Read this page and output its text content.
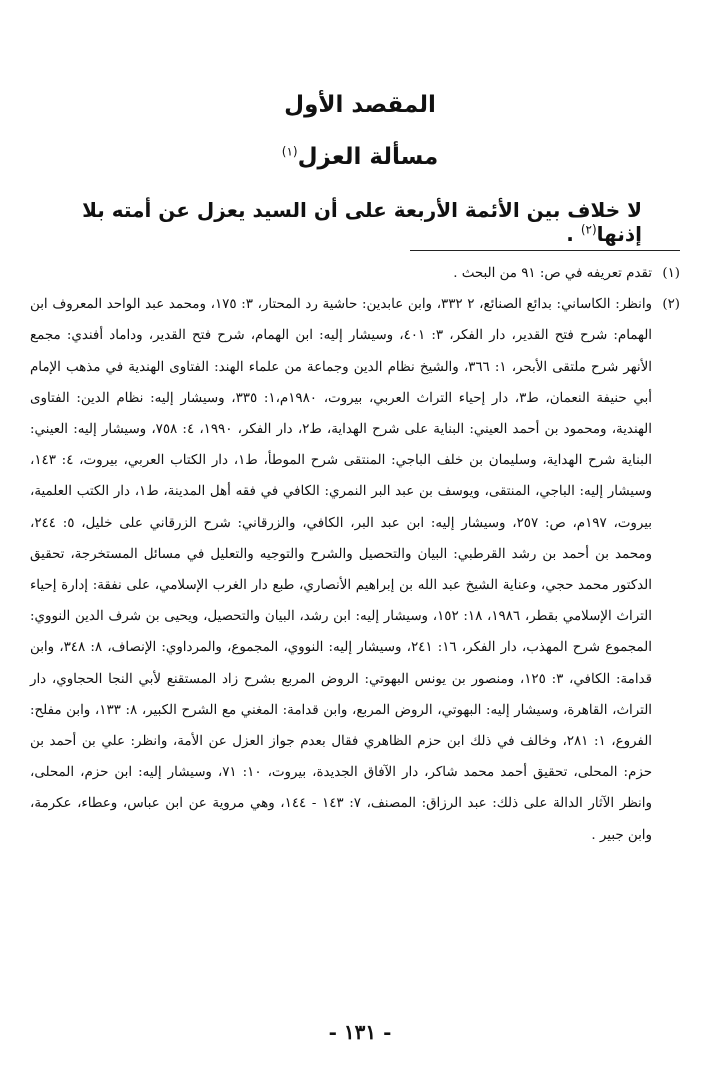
المقصد الأول
مسألة العزل$^{(١)}$
لا خلاف بين الأئمة الأربعة على أن السيد يعزل عن أمته بلا إذنها$^{(٢)}$ .
(١)

تقدم تعريفه في ص: ٩١ من البحث .

(٢)

وانظر: الكاساني: بدائع الصنائع، ٢ ٣٣٢، وابن عابدين: حاشية رد المحتار، ٣: ١٧٥، ومحمد عبد الواحد المعروف ابن الهمام: شرح فتح القدير، دار الفكر، ٣: ٤٠١، وسيشار إليه: ابن الهمام، شرح فتح القدير، وداماد أفندي: مجمع الأنهر شرح ملتقى الأبحر، ١: ٣٦٦، والشيخ نظام الدين وجماعة من علماء الهند: الفتاوى الهندية في مذهب الإمام أبي حنيفة النعمان، ط٣، دار إحياء التراث العربي، بيروت، ١٩٨٠م،١: ٣٣٥، وسيشار إليه: نظام الدين: الفتاوى الهندية، ومحمود بن أحمد العيني: البناية على شرح الهداية، ط٢، دار الفكر، ١٩٩٠، ٤: ٧٥٨، وسيشار إليه: العيني: البناية شرح الهداية، وسليمان بن خلف الباجي: المنتقى شرح الموطأ، ط١، دار الكتاب العربي، بيروت، ٤: ١٤٣، وسيشار إليه: الباجي، المنتقى، ويوسف بن عبد البر النمري: الكافي في فقه أهل المدينة، ط١، دار الكتب العلمية، بيروت، ١٩٧م، ص: ٢٥٧، وسيشار إليه: ابن عبد البر، الكافي، والزرقاني: شرح الزرقاني على خليل، ٥: ٢٤٤، ومحمد بن أحمد بن رشد القرطبي: البيان والتحصيل والشرح والتوجيه والتعليل في مسائل المستخرجة، تحقيق الدكتور محمد حجي، وعناية الشيخ عبد الله بن إبراهيم الأنصاري، طبع دار الغرب الإسلامي، على نفقة: إدارة إحياء التراث الإسلامي بقطر، ١٩٨٦، ١٨: ١٥٢، وسيشار إليه: ابن رشد، البيان والتحصيل، ويحيى بن شرف الدين النووي: المجموع شرح المهذب، دار الفكر، ١٦: ٢٤١، وسيشار إليه: النووي، المجموع، والمرداوي: الإنصاف، ٨: ٣٤٨، وابن قدامة: الكافي، ٣: ١٢٥، ومنصور بن يونس البهوتي: الروض المربع بشرح زاد المستقنع لأبي النجا الحجاوي، دار التراث، القاهرة، وسيشار إليه: البهوتي، الروض المربع، وابن قدامة: المغني مع الشرح الكبير، ٨: ١٣٣، وابن مفلح: الفروع، ١: ٢٨١، وخالف في ذلك ابن حزم الظاهري فقال بعدم جواز العزل عن الأمة، وانظر: علي بن أحمد بن حزم: المحلى، تحقيق أحمد محمد شاكر، دار الآفاق الجديدة، بيروت، ١٠: ٧١، وسيشار إليه: ابن حزم، المحلى، وانظر الآثار الدالة على ذلك: عبد الرزاق: المصنف، ٧: ١٤٣ - ١٤٤، وهي مروية عن ابن عباس، وعطاء، عكرمة، وابن جبير .

- ١٣١ -
